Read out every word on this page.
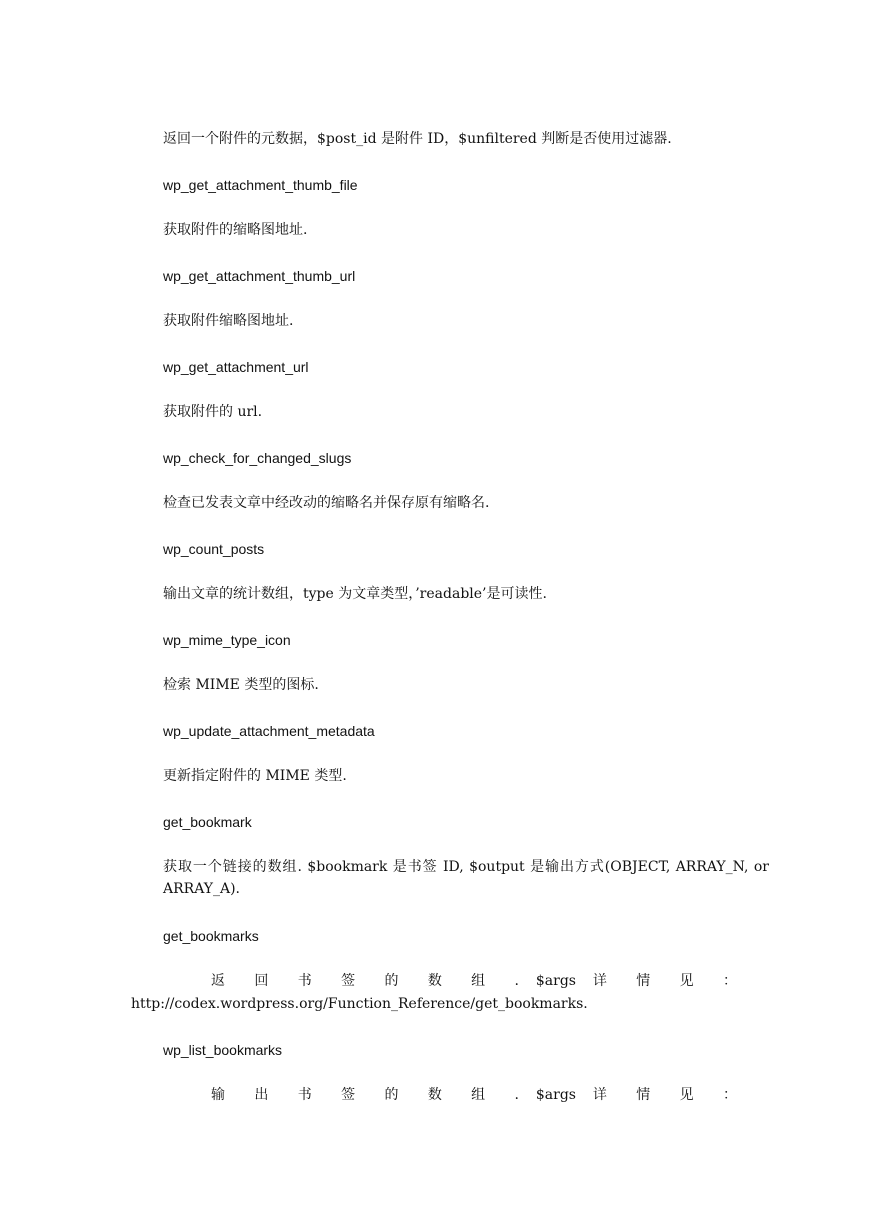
返回一个附件的元数据，$post_id 是附件 ID，$unfiltered 判断是否使用过滤器.
wp_get_attachment_thumb_file
获取附件的缩略图地址.
wp_get_attachment_thumb_url
获取附件缩略图地址.
wp_get_attachment_url
获取附件的 url.
wp_check_for_changed_slugs
检查已发表文章中经改动的缩略名并保存原有缩略名.
wp_count_posts
输出文章的统计数组，type 为文章类型，’readable’是可读性.
wp_mime_type_icon
检索 MIME 类型的图标.
wp_update_attachment_metadata
更新指定附件的 MIME 类型.
get_bookmark
获取一个链接的数组. $bookmark 是书签 ID, $output 是输出方式(OBJECT, ARRAY_N, or ARRAY_A).
get_bookmarks
返 回 书 签 的 数 组 . $args 详 情 见 ：
http://codex.wordpress.org/Function_Reference/get_bookmarks.
wp_list_bookmarks
输 出 书 签 的 数 组 . $args 详 情 见 ：
